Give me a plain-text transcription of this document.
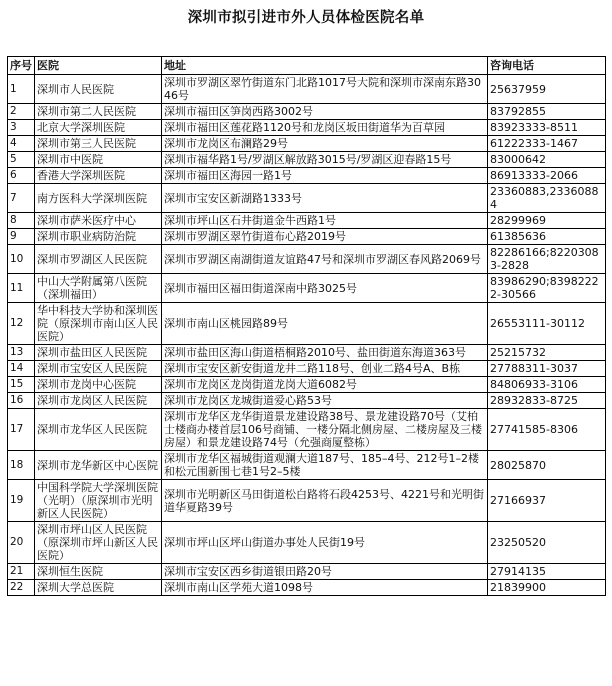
深圳市拟引进市外人员体检医院名单
序号	医院	地址	咨询电话
1	深圳市人民医院	深圳市罗湖区翠竹街道东门北路1017号大院和深圳市深南东路3046号	25637959
2	深圳市第二人民医院	深圳市福田区笋岗西路3002号	83792855
3	北京大学深圳医院	深圳市福田区莲花路1120号和龙岗区坂田街道华为百草园	83923333-8511
4	深圳市第三人民医院	深圳市龙岗区布澜路29号	61222333-1467
5	深圳市中医院	深圳市福华路1号/罗湖区解放路3015号/罗湖区迎春路15号	83000642
6	香港大学深圳医院	深圳市福田区海园一路1号	86913333-2066
7	南方医科大学深圳医院	深圳市宝安区新湖路1333号	23360883,23360884
8	深圳市萨米医疗中心	深圳市坪山区石井街道金牛西路1号	28299969
9	深圳市职业病防治院	深圳市罗湖区翠竹街道布心路2019号	61385636
10	深圳市罗湖区人民医院	深圳市罗湖区南湖街道友谊路47号和深圳市罗湖区春风路2069号	82286166;82203083-2828
11	中山大学附属第八医院（深圳福田）	深圳市福田区福田街道深南中路3025号	83986290;83982222-30566
12	华中科技大学协和深圳医院（原深圳市南山区人民医院）	深圳市南山区桃园路89号	26553111-30112
13	深圳市盐田区人民医院	深圳市盐田区海山街道梧桐路2010号、盐田街道东海道363号	25215732
14	深圳市宝安区人民医院	深圳市宝安区新安街道龙井二路118号、创业二路4号A、B栋	27788311-3037
15	深圳市龙岗中心医院	深圳市龙岗区龙岗街道龙岗大道6082号	84806933-3106
16	深圳市龙岗区人民医院	深圳市龙岗区龙城街道爱心路53号	28932833-8725
17	深圳市龙华区人民医院	深圳市龙华区龙华街道景龙建设路38号、景龙建设路70号（艾柏士楼商办楼首层106号商铺、一楼分隔北侧房屋、二楼房屋及三楼房屋）和景龙建设路74号（允强商厦整栋）	27741585-8306
18	深圳市龙华新区中心医院	深圳市龙华区福城街道观澜大道187号、185–4号、212号1–2楼和松元围新围七巷1号2–5楼	28025870
19	中国科学院大学深圳医院（光明）（原深圳市光明新区人民医院）	深圳市光明新区马田街道松白路将石段4253号、4221号和光明街道华夏路39号	27166937
20	深圳市坪山区人民医院（原深圳市坪山新区人民医院）	深圳市坪山区坪山街道办事处人民街19号	23250520
21	深圳恒生医院	深圳市宝安区西乡街道银田路20号	27914135
22	深圳大学总医院	深圳市南山区学苑大道1098号	21839900
